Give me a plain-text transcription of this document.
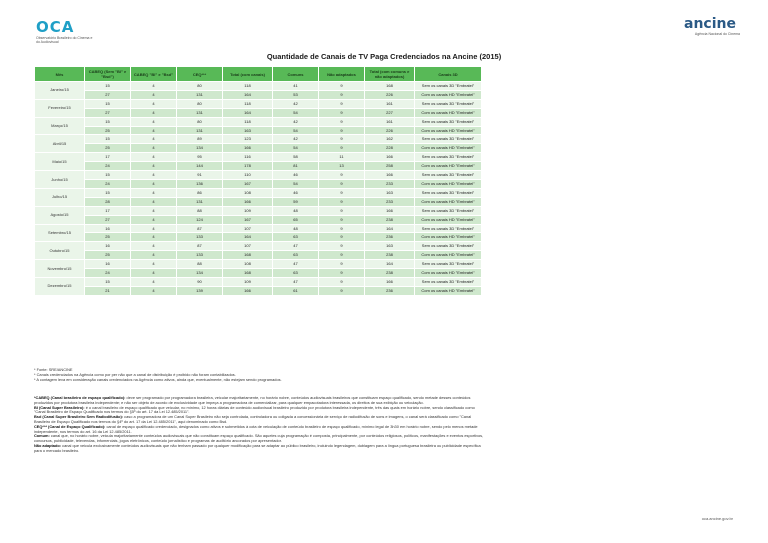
OCA
Observatório Brasileiro do Cinema e do Audiovisual
ancine
Agência Nacional do Cinema
Quantidade de Canais de TV Paga Credenciados na Ancine (2015)
Mês	CABEQ (Sem "Bl" e "Bsd")	CABEQ "Bl" e "Bsd"	CEQ***	Total (com canais)	Comuns	Não adaptados	Total (com comuns e não adaptados)	Canais 3D
Janeiro/15	15	4	80	118	41	9	168	Sem os canais 3D "Embratel"
	27	4	131	164	53	9	226	Com os canais HD "Embratel"
Fevereiro/15	15	4	80	118	42	9	161	Sem os canais 3D "Embratel"
	27	4	131	164	54	9	227	Com os canais HD "Embratel"
Março/15	15	4	80	118	42	9	161	Sem os canais 3D "Embratel"
	25	4	131	163	54	9	226	Com os canais HD "Embratel"
Abril/15	15	4	89	123	42	9	162	Sem os canais 3D "Embratel"
	25	4	134	166	54	9	228	Com os canais HD "Embratel"
Maio/15	17	4	95	116	58	11	166	Sem os canais 3D "Embratel"
	24	4	144	178	81	13	258	Com os canais HD "Embratel"
Junho/15	15	4	91	110	46	9	166	Sem os canais 3D "Embratel"
	24	4	136	167	54	9	233	Com os canais HD "Embratel"
Julho/15	15	4	86	108	46	9	163	Sem os canais 3D "Embratel"
	28	4	131	166	59	9	233	Com os canais HD "Embratel"
Agosto/15	17	4	88	109	48	9	166	Sem os canais 3D "Embratel"
	27	4	124	167	65	9	238	Com os canais HD "Embratel"
Setembro/15	16	4	87	107	48	9	164	Sem os canais 3D "Embratel"
	25	4	133	164	63	9	236	Com os canais HD "Embratel"
Outubro/15	16	4	87	107	47	9	163	Sem os canais 3D "Embratel"
	25	4	133	168	63	9	238	Com os canais HD "Embratel"
Novembro/15	16	4	88	108	47	9	164	Sem os canais 3D "Embratel"
	24	4	134	168	63	9	238	Com os canais HD "Embratel"
Dezembro/15	15	4	90	109	47	9	166	Sem os canais 3D "Embratel"
	21	4	139	166	61	9	236	Com os canais HD "Embratel"
* Fonte: SRE/ANCINE
* Canais credenciados na Agência como por per não que a canal de distribuição é proibido não foram contabilizados.
* A contagem leva em consideração canais credenciados na Agência como ativos, ainda que, eventualmente, não estejam sendo programados.
*CABEQ (Canal brasileiro de espaço qualificado): deve ser programado por programadora brasileira, veicular majoritariamente, no horário nobre, conteúdos audiovisuais brasileiros que constituam espaço qualificado, sendo metade desses conteúdos produzidos por produtora brasileira independente; e não ser objeto de acordo de exclusividade que impeça a programadora de comercializar, para qualquer empacotadora interessada, os direitos de sua exibição ou veiculação.
BI (Canal Super Brasileiro): é o canal brasileiro de espaço qualificado que veicular, no mínimo, 12 horas diárias de conteúdo audiovisual brasileiro produzido por produtora brasileira independente, três das quais em horário nobre, sendo classificado como "Canal Brasileiro de Espaço Qualificado nos termos do §5º do art. 17 da Lei 12.485/2011".
Bsd (Canal Super Brasileiro Sem Radiodifusão): caso a programadora de um Canal Super Brasileiro não seja controlada, controladora ou coligada a concessionária de serviço de radiodifusão de sons e imagens, o canal será classificado como "Canal Brasileiro de Espaço Qualificado nos termos do §4º do art. 17 da Lei 12.485/2011", aqui denominado como Bsd.
CEQ*** (Canal de Espaço Qualificado): canal de espaço qualificado credenciado, designados como ativos e submetidos à cota de veiculação de conteúdo brasileiro de espaço qualificado, mínimo legal de 3h30 em horário nobre, sendo pelo menos metade independente, nos termos do art. 16 da Lei 12.485/2011.
Comum: canal que, no horário nobre, veicula majoritariamente conteúdos audiovisuais que não constituam espaço qualificado. São aqueles cuja programação é composta, principalmente, por conteúdos religiosos, políticos, manifestações e eventos esportivos, concursos, publicidade, televendas, infomerciais, jogos eletrônicos, conteúdo jornalístico e programas de auditório ancorados por apresentador.
Não adaptado: canal que veicula exclusivamente conteúdos audiovisuais que não tenham passado por qualquer modificação para se adaptar ao público brasileiro, incluindo legendagem, dublagem para a língua portuguesa brasileira ou publicidade específica para o mercado brasileiro.
oca.ancine.gov.br
